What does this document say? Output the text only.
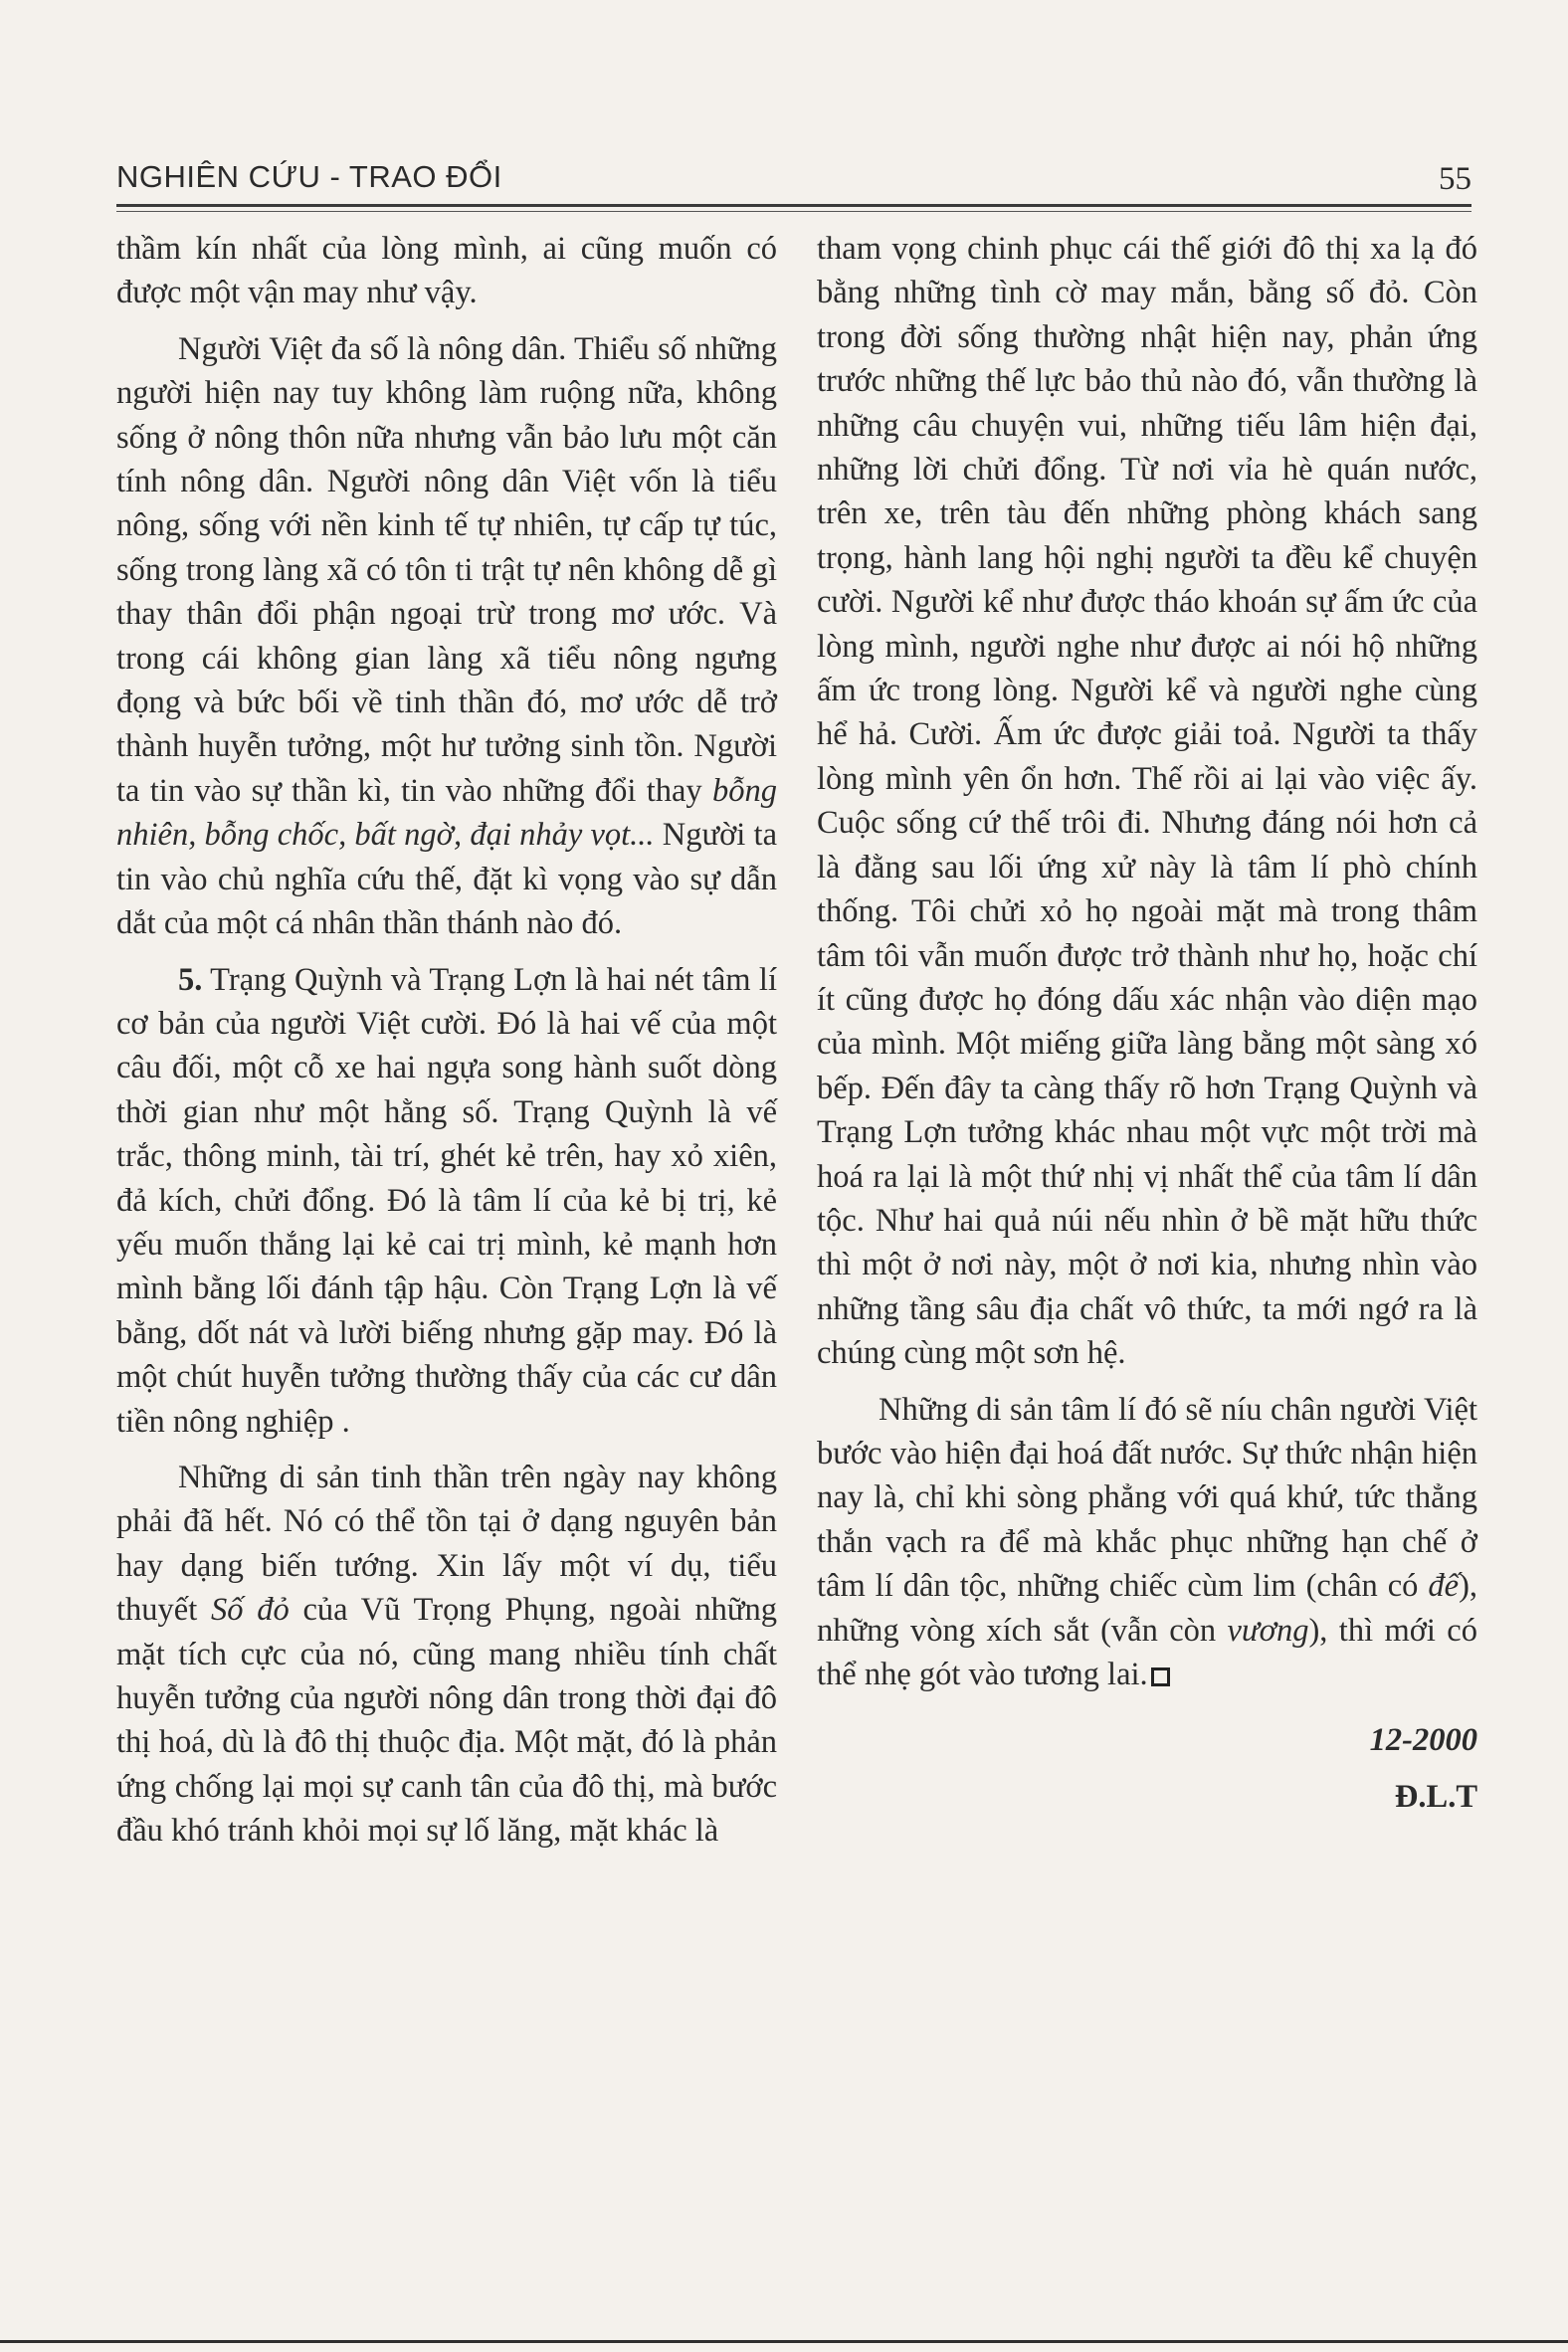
NGHIÊN CỨU - TRAO ĐỔI	55

thầm kín nhất của lòng mình, ai cũng muốn có được một vận may như vậy.

Người Việt đa số là nông dân. Thiểu số những người hiện nay tuy không làm ruộng nữa, không sống ở nông thôn nữa nhưng vẫn bảo lưu một căn tính nông dân. Người nông dân Việt vốn là tiểu nông, sống với nền kinh tế tự nhiên, tự cấp tự túc, sống trong làng xã có tôn ti trật tự nên không dễ gì thay thân đổi phận ngoại trừ trong mơ ước. Và trong cái không gian làng xã tiểu nông ngưng đọng và bức bối về tinh thần đó, mơ ước dễ trở thành huyễn tưởng, một hư tưởng sinh tồn. Người ta tin vào sự thần kì, tin vào những đổi thay bỗng nhiên, bỗng chốc, bất ngờ, đại nhảy vọt... Người ta tin vào chủ nghĩa cứu thế, đặt kì vọng vào sự dẫn dắt của một cá nhân thần thánh nào đó.

5. Trạng Quỳnh và Trạng Lợn là hai nét tâm lí cơ bản của người Việt cười. Đó là hai vế của một câu đối, một cỗ xe hai ngựa song hành suốt dòng thời gian như một hằng số. Trạng Quỳnh là vế trắc, thông minh, tài trí, ghét kẻ trên, hay xỏ xiên, đả kích, chửi đổng. Đó là tâm lí của kẻ bị trị, kẻ yếu muốn thắng lại kẻ cai trị mình, kẻ mạnh hơn mình bằng lối đánh tập hậu. Còn Trạng Lợn là vế bằng, dốt nát và lười biếng nhưng gặp may. Đó là một chút huyễn tưởng thường thấy của các cư dân tiền nông nghiệp .

Những di sản tinh thần trên ngày nay không phải đã hết. Nó có thể tồn tại ở dạng nguyên bản hay dạng biến tướng. Xin lấy một ví dụ, tiểu thuyết Số đỏ của Vũ Trọng Phụng, ngoài những mặt tích cực của nó, cũng mang nhiều tính chất huyễn tưởng của người nông dân trong thời đại đô thị hoá, dù là đô thị thuộc địa. Một mặt, đó là phản ứng chống lại mọi sự canh tân của đô thị, mà bước đầu khó tránh khỏi mọi sự lố lăng, mặt khác là

tham vọng chinh phục cái thế giới đô thị xa lạ đó bằng những tình cờ may mắn, bằng số đỏ. Còn trong đời sống thường nhật hiện nay, phản ứng trước những thế lực bảo thủ nào đó, vẫn thường là những câu chuyện vui, những tiếu lâm hiện đại, những lời chửi đổng. Từ nơi vỉa hè quán nước, trên xe, trên tàu đến những phòng khách sang trọng, hành lang hội nghị người ta đều kể chuyện cười. Người kể như được tháo khoán sự ấm ức của lòng mình, người nghe như được ai nói hộ những ấm ức trong lòng. Người kể và người nghe cùng hể hả. Cười. Ấm ức được giải toả. Người ta thấy lòng mình yên ổn hơn. Thế rồi ai lại vào việc ấy. Cuộc sống cứ thế trôi đi. Nhưng đáng nói hơn cả là đằng sau lối ứng xử này là tâm lí phò chính thống. Tôi chửi xỏ họ ngoài mặt mà trong thâm tâm tôi vẫn muốn được trở thành như họ, hoặc chí ít cũng được họ đóng dấu xác nhận vào diện mạo của mình. Một miếng giữa làng bằng một sàng xó bếp. Đến đây ta càng thấy rõ hơn Trạng Quỳnh và Trạng Lợn tưởng khác nhau một vực một trời mà hoá ra lại là một thứ nhị vị nhất thể của tâm lí dân tộc. Như hai quả núi nếu nhìn ở bề mặt hữu thức thì một ở nơi này, một ở nơi kia, nhưng nhìn vào những tầng sâu địa chất vô thức, ta mới ngớ ra là chúng cùng một sơn hệ.

Những di sản tâm lí đó sẽ níu chân người Việt bước vào hiện đại hoá đất nước. Sự thức nhận hiện nay là, chỉ khi sòng phẳng với quá khứ, tức thẳng thắn vạch ra để mà khắc phục những hạn chế ở tâm lí dân tộc, những chiếc cùm lim (chân có đế), những vòng xích sắt (vẫn còn vương), thì mới có thể nhẹ gót vào tương lai.

12-2000

Đ.L.T
